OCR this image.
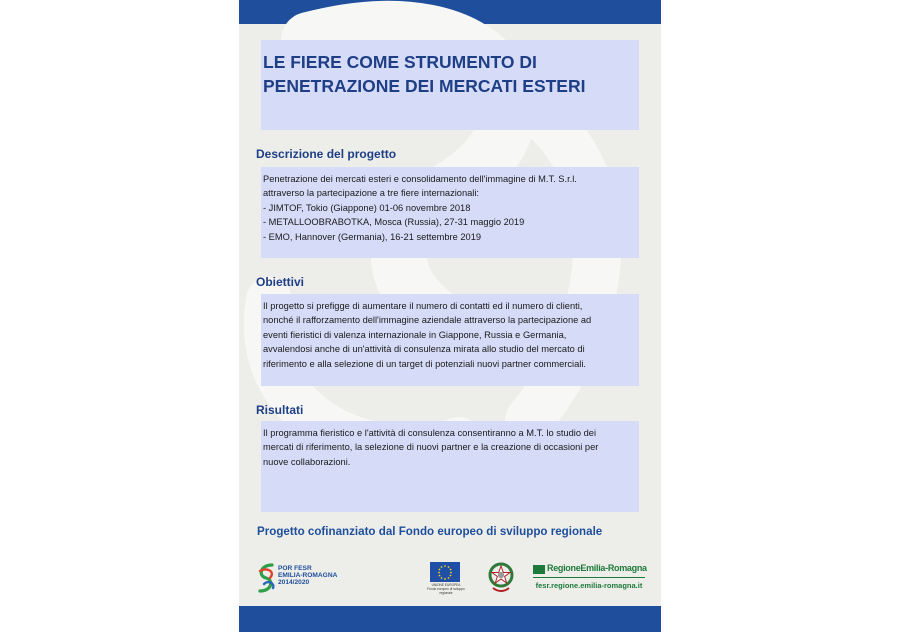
LE FIERE COME STRUMENTO DI
PENETRAZIONE DEI MERCATI ESTERI
Descrizione del progetto
Penetrazione dei mercati esteri e consolidamento dell'immagine di M.T. S.r.l.
attraverso la partecipazione a tre fiere internazionali:
- JIMTOF, Tokio (Giappone) 01-06 novembre 2018
- METALLOOBRABOTKA, Mosca (Russia), 27-31 maggio 2019
- EMO, Hannover (Germania), 16-21 settembre 2019
Obiettivi
Il progetto si prefigge di aumentare il numero di contatti ed il numero di clienti,
nonché il rafforzamento dell'immagine aziendale attraverso la partecipazione ad
eventi fieristici di valenza internazionale in Giappone, Russia e Germania,
avvalendosi anche di un'attività di consulenza mirata allo studio del mercato di
riferimento e alla selezione di un target di potenziali nuovi partner commerciali.
Risultati
Il programma fieristico e l'attività di consulenza consentiranno a M.T. lo studio dei
mercati di riferimento, la selezione di nuovi partner e la creazione di occasioni per
nuove collaborazioni.

Progetto cofinanziato dal Fondo europeo di sviluppo regionale

POR FESR
EMILIA-ROMAGNA
2014/2020	UNIONE EUROPEA
Fondo europeo di sviluppo regionale
RegioneEmilia-Romagna
fesr.regione.emilia-romagna.it
